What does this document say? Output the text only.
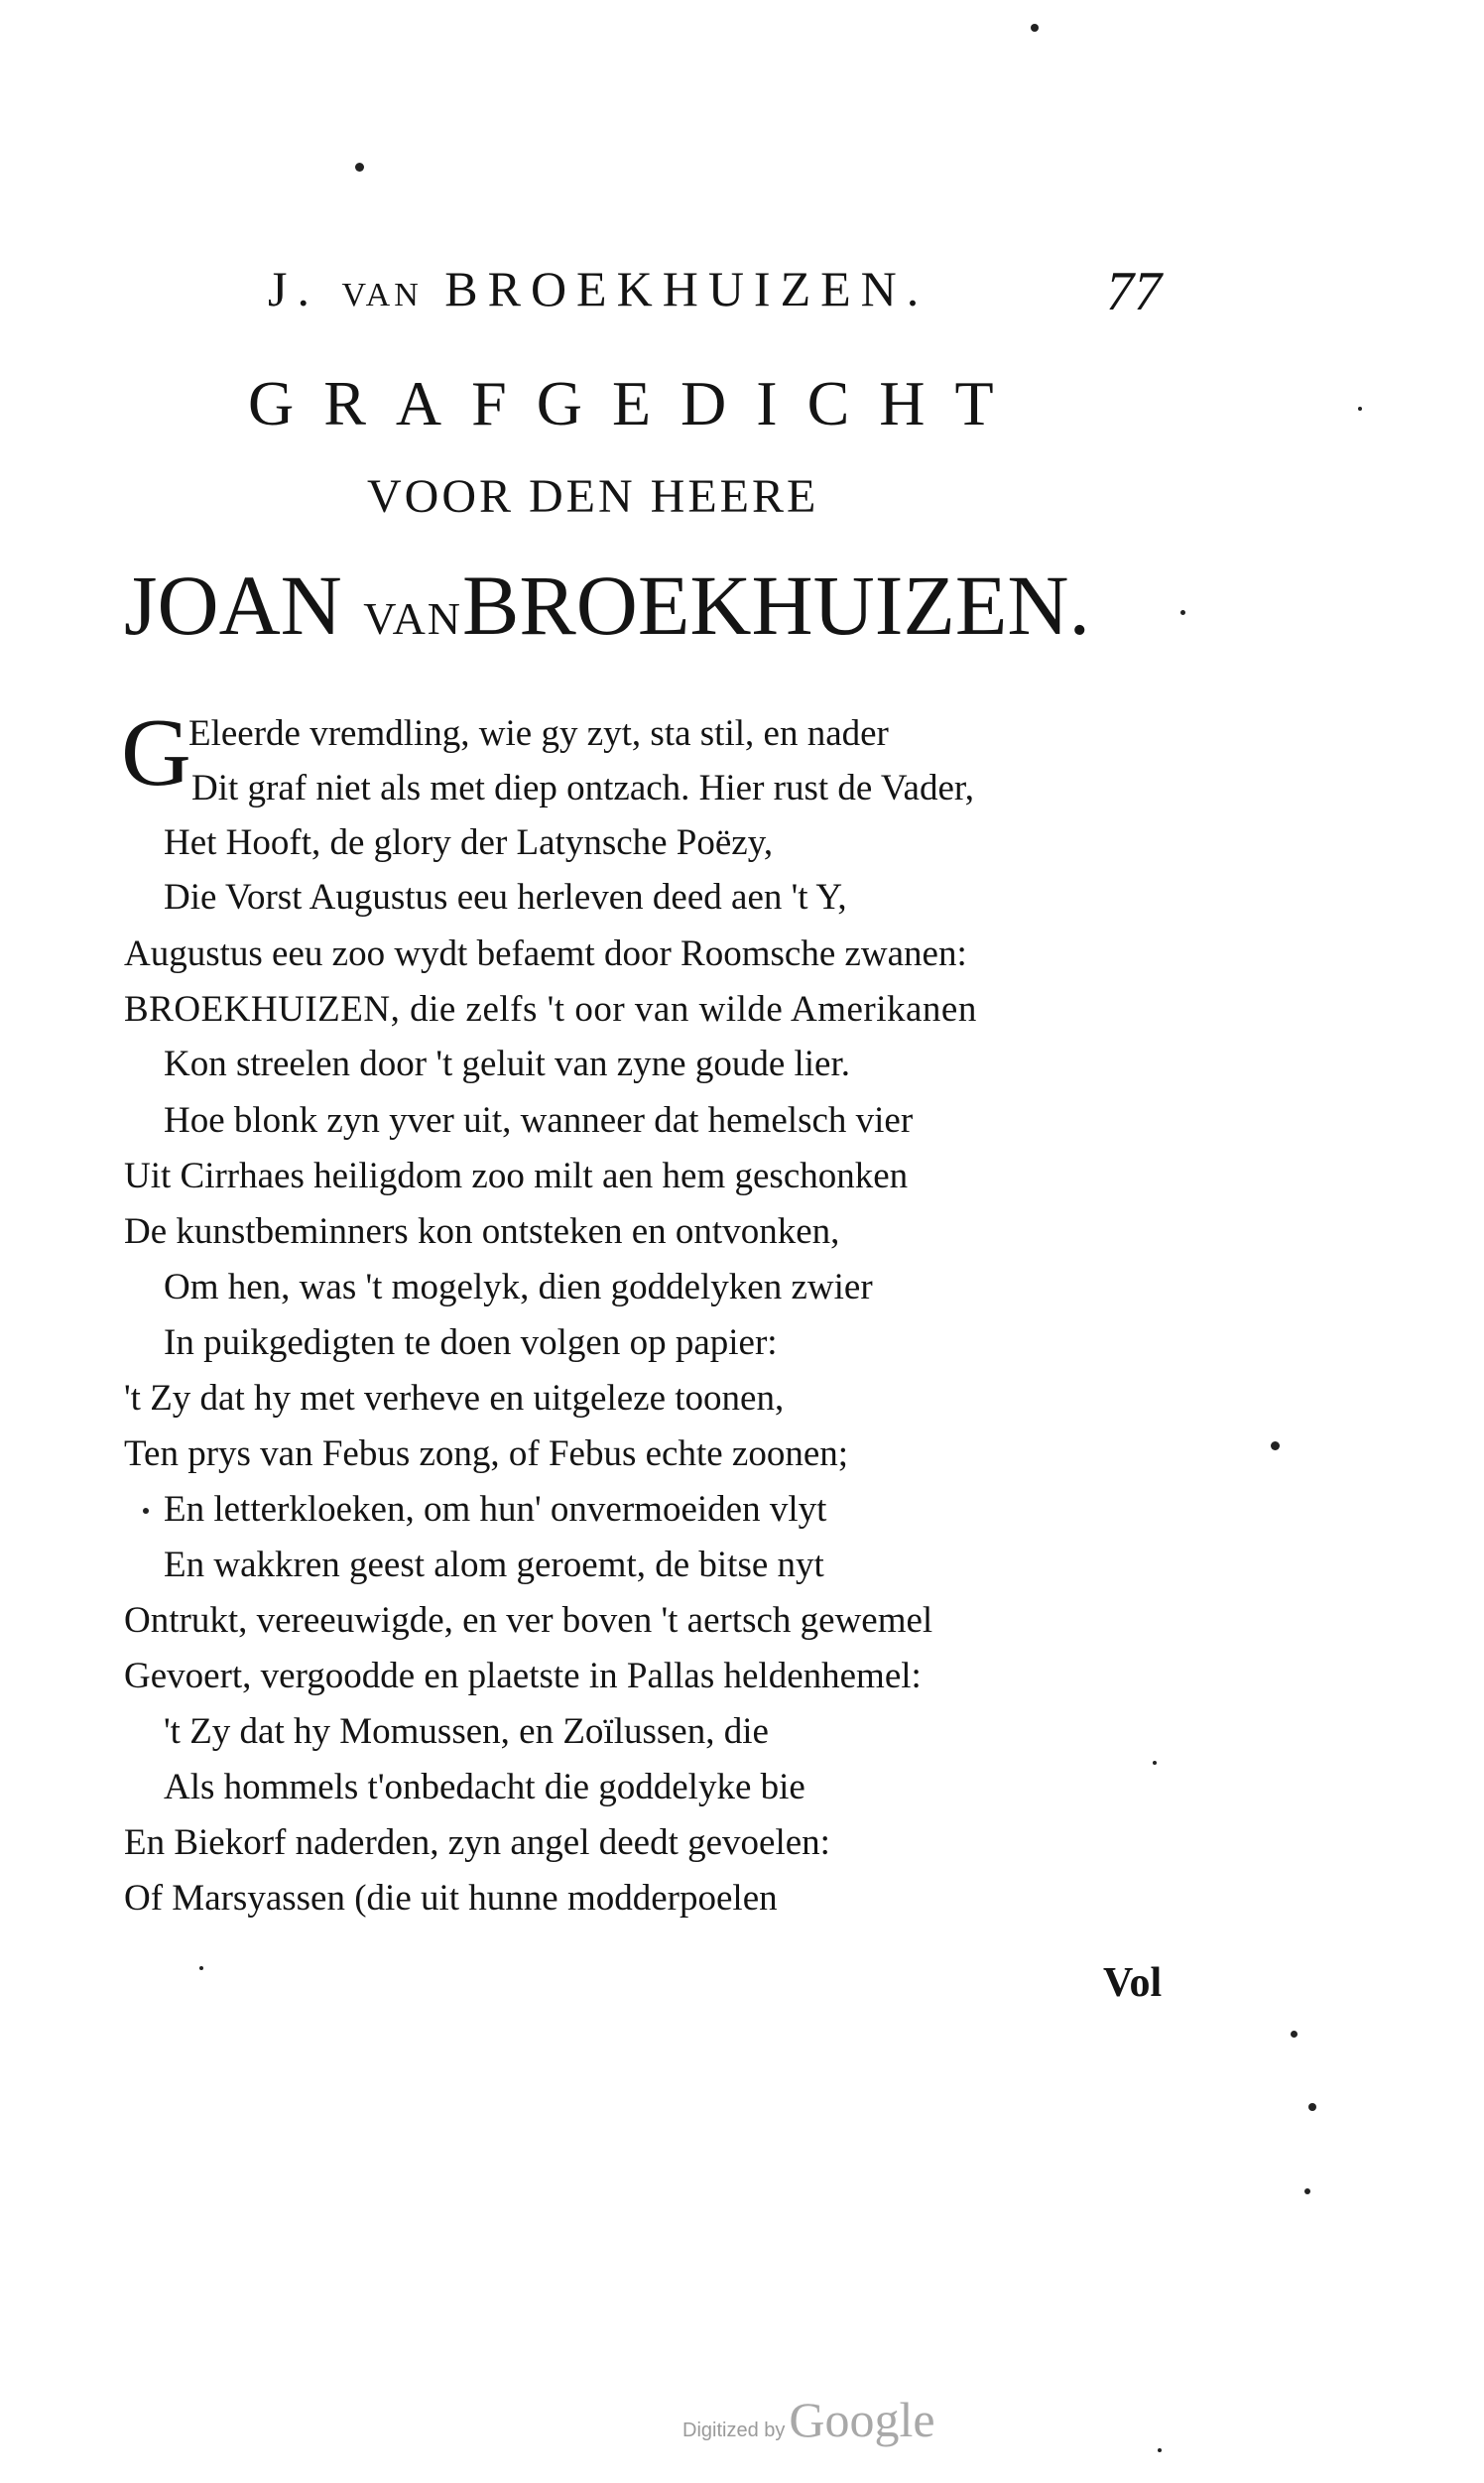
J. VAN BROEKHUIZEN.	77
GRAFGEDICHT
VOOR DEN HEERE
JOAN VANBROEKHUIZEN.
G
Eleerde vremdling, wie gy zyt, sta stil, en nader
Dit graf niet als met diep ontzach. Hier rust de Vader,
Het Hooft, de glory der Latynsche Poëzy,
Die Vorst Augustus eeu herleven deed aen 't Y,
Augustus eeu zoo wydt befaemt door Roomsche zwanen:
BROEKHUIZEN, die zelfs 't oor van wilde Amerikanen
Kon streelen door 't geluit van zyne goude lier.
Hoe blonk zyn yver uit, wanneer dat hemelsch vier
Uit Cirrhaes heiligdom zoo milt aen hem geschonken
De kunstbeminners kon ontsteken en ontvonken,
Om hen, was 't mogelyk, dien goddelyken zwier
In puikgedigten te doen volgen op papier:
't Zy dat hy met verheve en uitgeleze toonen,
Ten prys van Febus zong, of Febus echte zoonen;
En letterkloeken, om hun' onvermoeiden vlyt
En wakkren geest alom geroemt, de bitse nyt
Ontrukt, vereeuwigde, en ver boven 't aertsch gewemel
Gevoert, vergoodde en plaetste in Pallas heldenhemel:
't Zy dat hy Momussen, en Zoïlussen, die
Als hommels t'onbedacht die goddelyke bie
En Biekorf naderden, zyn angel deedt gevoelen:
Of Marsyassen (die uit hunne modderpoelen
Vol
Digitized by Google
